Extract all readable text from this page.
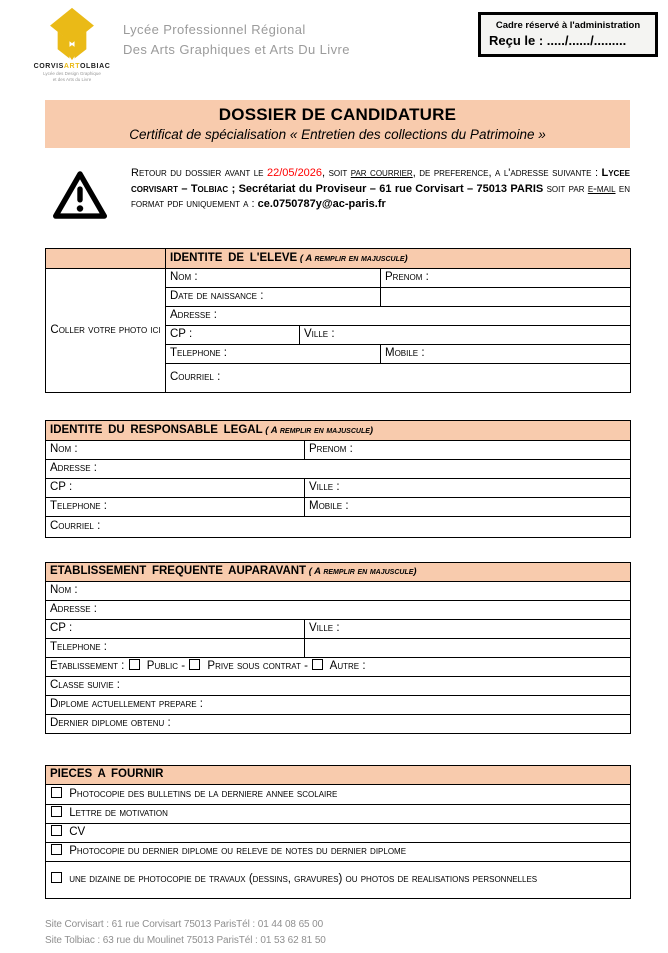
CORVISARTOLBIAC
Lycée des Design Graphique
et des Arts du Livre
Lycée Professionnel Régional
Des Arts Graphiques et Arts Du Livre
Cadre réservé à l'administration
Reçu le : ...../....../.........
DOSSIER DE CANDIDATURE
Certificat de spécialisation « Entretien des collections du Patrimoine »

Retour du dossier avant le 22/05/2026, soit par courrier, de preference, a l'adresse suivante : Lycee corvisart – Tolbiac ; Secrétariat du Proviseur – 61 rue Corvisart – 75013 PARIS soit par e-mail en format pdf uniquement a : ce.0750787y@ac-paris.fr

	IDENTITE DE L'ELEVE ( A remplir en majuscule)		
Coller votre photo ici	Nom :		Prenom :
	Date de naissance :		
	Adresse :		
	CP :	Ville :	
	Telephone :		Mobile :
	Courriel :		
IDENTITE DU RESPONSABLE LEGAL ( A remplir en majuscule)	
Nom :	Prenom :
Adresse :	
CP :	Ville :
Telephone :	Mobile :
Courriel :	
ETABLISSEMENT FREQUENTE AUPARAVANT ( A remplir en majuscule)	
Nom :	
Adresse :	
CP :	Ville :
Telephone :	
Etablissement :  Public -  Prive sous contrat -  Autre :	
Classe suivie :	
Diplome actuellement prepare :	
Dernier diplome obtenu :	
PIECES A FOURNIR
Photocopie des bulletins de la derniere annee scolaire
Lettre de motivation
CV
Photocopie du dernier diplome ou releve de notes du dernier diplome
une dizaine de photocopie de travaux (dessins, gravures) ou photos de realisations personnelles
Site Corvisart : 61 rue Corvisart 75013 Paris Tél : 01 44 08 65 00
Site Tolbiac : 63 rue du Moulinet 75013 Paris Tél : 01 53 62 81 50
